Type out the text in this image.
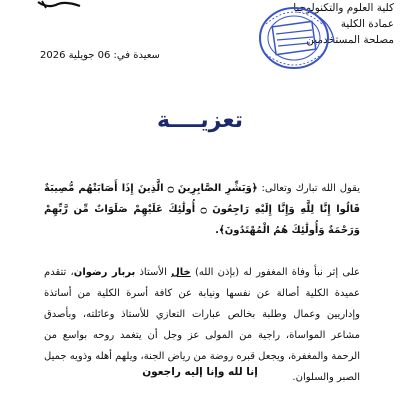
كلية العلوم والتكنولوجيا
عمادة الكلية
مصلحة المستخدمين
سعيدة في: 06 جويلية 2026
تعزيــــة
يقول الله تبارك وتعالى: ﴿وَبَشِّرِ الصَّابِرِينَ ۝ الَّذِينَ إِذَا أَصَابَتْهُم مُّصِيبَةٌ قَالُوا إِنَّا لِلَّهِ وَإِنَّا إِلَيْهِ رَاجِعُونَ ۝ أُولَٰئِكَ عَلَيْهِمْ صَلَوَاتٌ مِّن رَّبِّهِمْ وَرَحْمَةٌ وَأُولَٰئِكَ هُمُ الْمُهْتَدُونَ﴾.
على إثر نبأ وفاة المغفور له (بإذن الله) خال الأستاذ بربار رضوان، تتقدم عميدة الكلية أصالة عن نفسها ونيابة عن كافة أسرة الكلية من أساتذة وإداريين وعمال وطلبة بخالص عبارات التعازي للأستاذ وعائلته، وبأصدق مشاعر المواساة، راجية من المولى عز وجل أن يتغمد روحه بواسع من الرحمة والمغفرة، ويجعل قبره روضة من رياض الجنة، ويلهم أهله وذويه جميل الصبر والسلوان.
إنا لله وإنا إليه راجعون
